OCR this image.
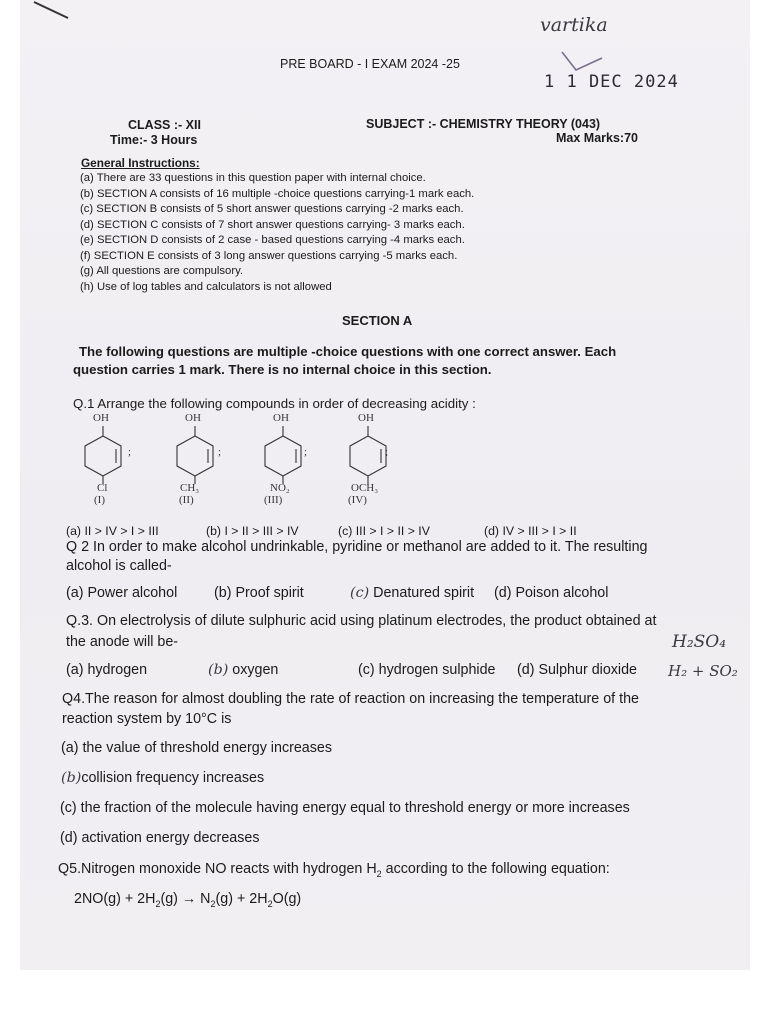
vartika
1 1 DEC 2024
PRE BOARD - I EXAM 2024 -25
CLASS :- XII
Time:- 3 Hours
SUBJECT :- CHEMISTRY THEORY (043)
Max Marks:70
General Instructions:
(a) There are 33 questions in this question paper with internal choice.
(b) SECTION A consists of 16 multiple -choice questions carrying-1 mark each.
(c) SECTION B consists of 5 short answer questions carrying -2 marks each.
(d) SECTION C consists of 7 short answer questions carrying- 3 marks each.
(e) SECTION D consists of 2 case - based questions carrying -4 marks each.
(f) SECTION E consists of 3 long answer questions carrying -5 marks each.
(g) All questions are compulsory.
(h) Use of log tables and calculators is not allowed
SECTION A
The following questions are multiple -choice questions with one correct answer. Each
question carries 1 mark. There is no internal choice in this section.
Q.1 Arrange the following compounds in order of decreasing acidity :
OH	OH	OH	OH
;	;	;	;
Cl	CH₃	NO₂	OCH₃
(I)	(II)	(III)	(IV)
(a) II > IV > I > III	(b) I > II > III > IV	(c) III > I > II > IV	(d) IV > III > I > II
Q 2 In order to make alcohol undrinkable, pyridine or methanol are added to it. The resulting
alcohol is called-
(a) Power alcohol	(b) Proof spirit	(c) Denatured spirit (d) Poison alcohol
Q.3. On electrolysis of dilute sulphuric acid using platinum electrodes, the product obtained at
the anode will be-	H₂SO₄
(a) hydrogen	(b) oxygen	(c) hydrogen sulphide (d) Sulphur dioxide H₂ + SO₂
Q4.The reason for almost doubling the rate of reaction on increasing the temperature of the
reaction system by 10°C is
(a) the value of threshold energy increases
(b)collision frequency increases
(c) the fraction of the molecule having energy equal to threshold energy or more increases
(d) activation energy decreases
Q5.Nitrogen monoxide NO reacts with hydrogen $H_2$ according to the following equation:
$2NO(g) + 2H_2(g) \to N_2(g) + 2H_2O(g)$
